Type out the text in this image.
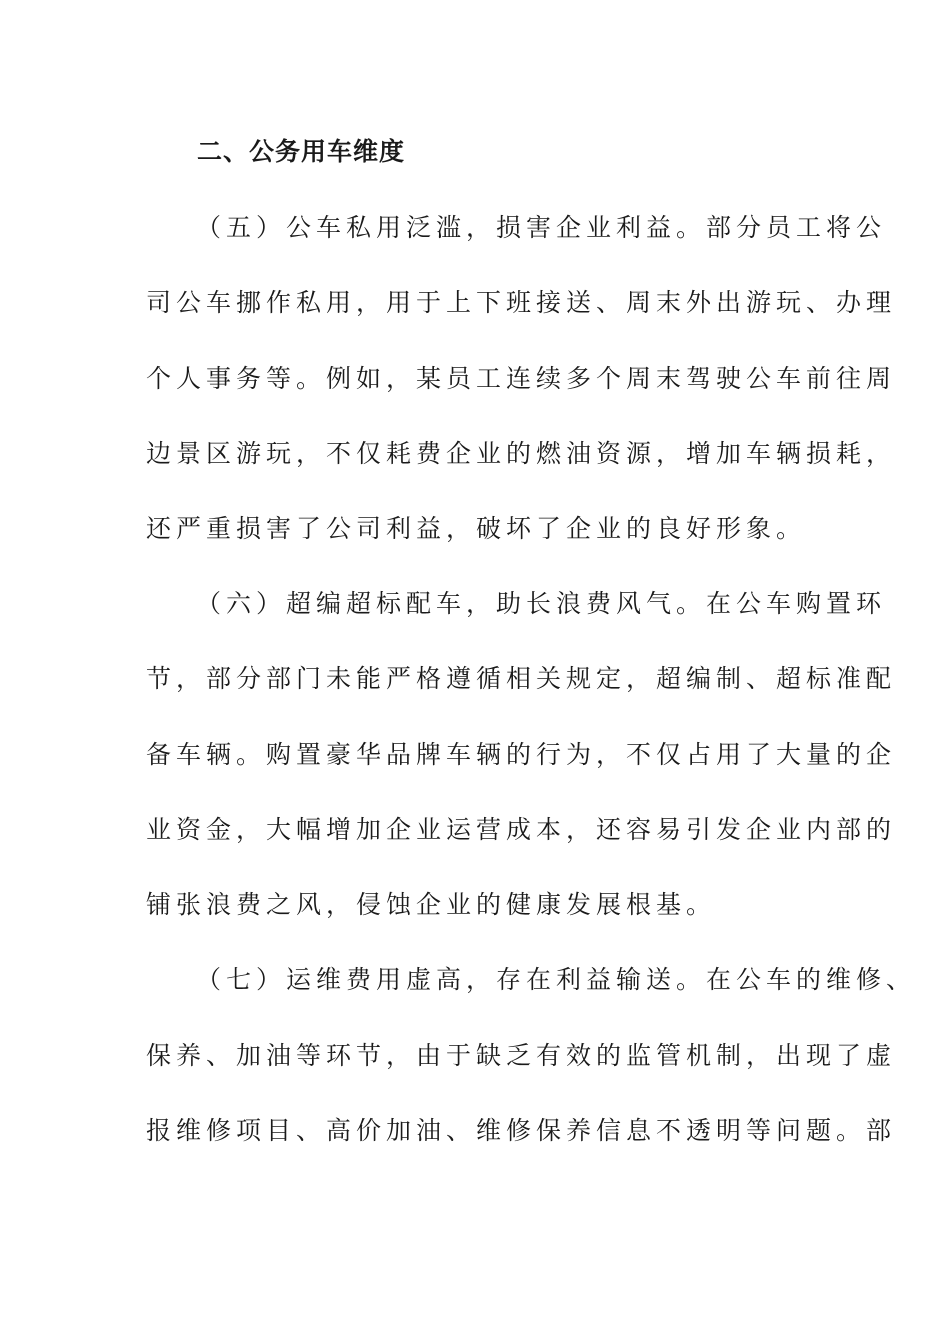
二、公务用车维度
（五）公车私用泛滥，损害企业利益。部分员工将公
司公车挪作私用，用于上下班接送、周末外出游玩、办理
个人事务等。例如，某员工连续多个周末驾驶公车前往周
边景区游玩，不仅耗费企业的燃油资源，增加车辆损耗，
还严重损害了公司利益，破坏了企业的良好形象。
（六）超编超标配车，助长浪费风气。在公车购置环
节，部分部门未能严格遵循相关规定，超编制、超标准配
备车辆。购置豪华品牌车辆的行为，不仅占用了大量的企
业资金，大幅增加企业运营成本，还容易引发企业内部的
铺张浪费之风，侵蚀企业的健康发展根基。
（七）运维费用虚高，存在利益输送。在公车的维修、
保养、加油等环节，由于缺乏有效的监管机制，出现了虚
报维修项目、高价加油、维修保养信息不透明等问题。部
